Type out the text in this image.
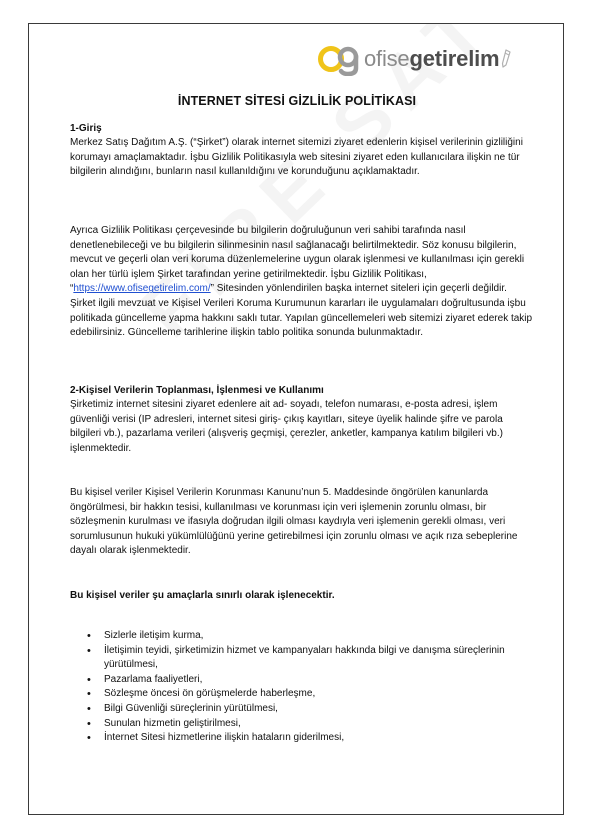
ofisegetirelim
İNTERNET SİTESİ GİZLİLİK POLİTİKASI
1-Giriş
Merkez Satış Dağıtım A.Ş. (“Şirket”) olarak internet sitemizi ziyaret edenlerin kişisel verilerinin gizliliğini korumayı amaçlamaktadır. İşbu Gizlilik Politikasıyla web sitesini ziyaret eden kullanıcılara ilişkin ne tür bilgilerin alındığını, bunların nasıl kullanıldığını ve korunduğunu açıklamaktadır.
Ayrıca Gizlilik Politikası çerçevesinde bu bilgilerin doğruluğunun veri sahibi tarafında nasıl denetlenebileceği ve bu bilgilerin silinmesinin nasıl sağlanacağı belirtilmektedir. Söz konusu bilgilerin, mevcut ve geçerli olan veri koruma düzenlemelerine uygun olarak işlenmesi ve kullanılması için gerekli olan her türlü işlem Şirket tarafından yerine getirilmektedir. İşbu Gizlilik Politikası, “https://www.ofisegetirelim.com/” Sitesinden yönlendirilen başka internet siteleri için geçerli değildir. Şirket ilgili mevzuat ve Kişisel Verileri Koruma Kurumunun kararları ile uygulamaları doğrultusunda işbu politikada güncelleme yapma hakkını saklı tutar. Yapılan güncellemeleri web sitemizi ziyaret ederek takip edebilirsiniz. Güncelleme tarihlerine ilişkin tablo politika sonunda bulunmaktadır.
2-Kişisel Verilerin Toplanması, İşlenmesi ve Kullanımı
Şirketimiz internet sitesini ziyaret edenlere ait ad- soyadı, telefon numarası, e-posta adresi, işlem güvenliği verisi (IP adresleri, internet sitesi giriş- çıkış kayıtları, siteye üyelik halinde şifre ve parola bilgileri vb.), pazarlama verileri (alışveriş geçmişi, çerezler, anketler, kampanya katılım bilgileri vb.) işlenmektedir.
Bu kişisel veriler Kişisel Verilerin Korunması Kanunu’nun 5. Maddesinde öngörülen kanunlarda öngörülmesi, bir hakkın tesisi, kullanılması ve korunması için veri işlemenin zorunlu olması, bir sözleşmenin kurulması ve ifasıyla doğrudan ilgili olması kaydıyla veri işlemenin gerekli olması, veri sorumlusunun hukuki yükümlülüğünü yerine getirebilmesi için zorunlu olması ve açık rıza sebeplerine dayalı olarak işlenmektedir.
Bu kişisel veriler şu amaçlarla sınırlı olarak işlenecektir.
• Sizlerle iletişim kurma,
• İletişimin teyidi, şirketimizin hizmet ve kampanyaları hakkında bilgi ve danışma süreçlerinin yürütülmesi,
• Pazarlama faaliyetleri,
• Sözleşme öncesi ön görüşmelerde haberleşme,
• Bilgi Güvenliği süreçlerinin yürütülmesi,
• Sunulan hizmetin geliştirilmesi,
• İnternet Sitesi hizmetlerine ilişkin hataların giderilmesi,
